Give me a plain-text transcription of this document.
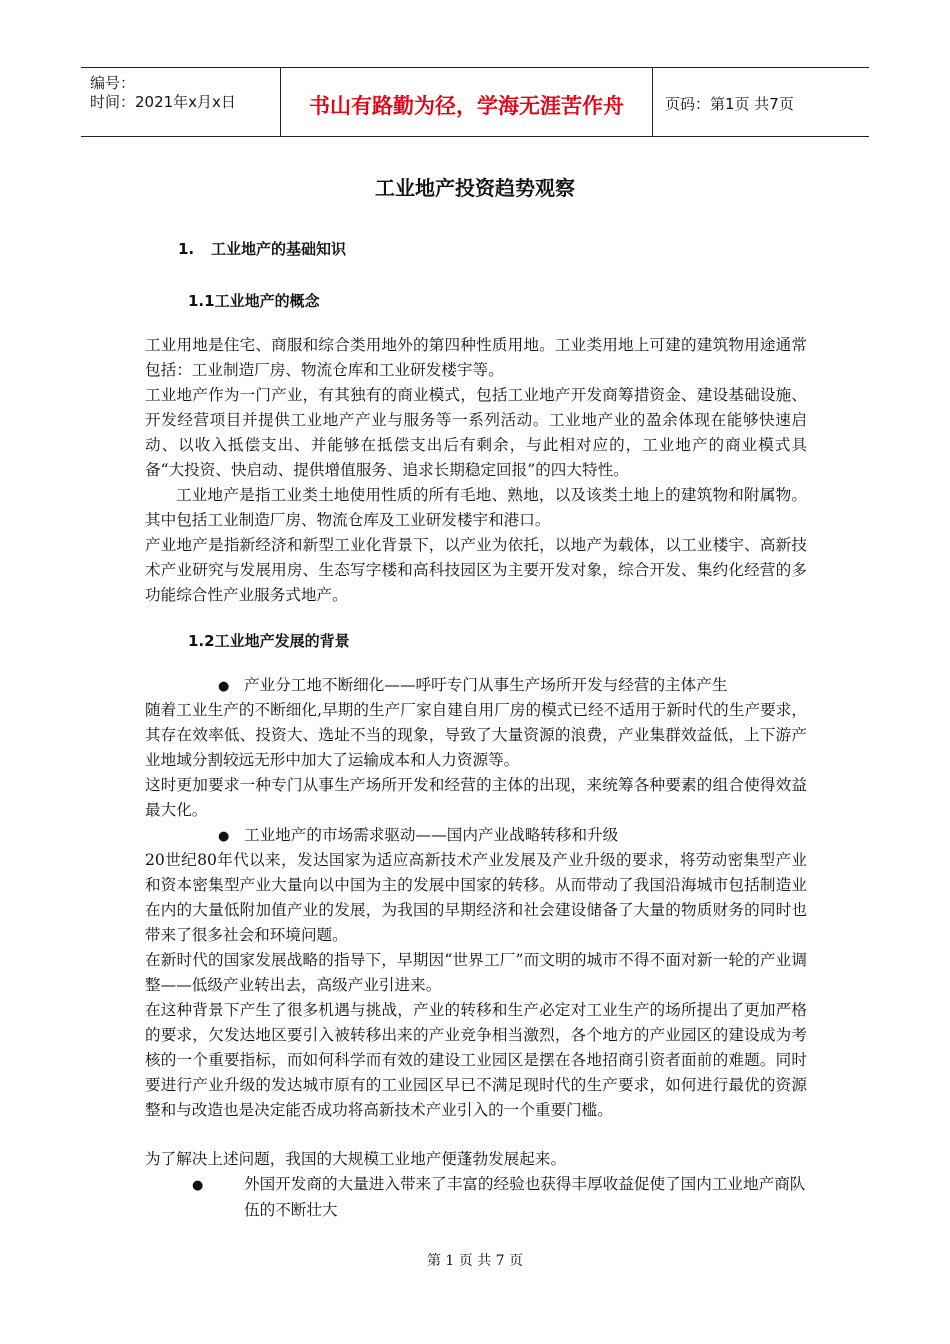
编号：
时间：2021年x月x日	书山有路勤为径，学海无涯苦作舟	页码：第1页 共7页
工业地产投资趋势观察
1. 工业地产的基础知识
1.1工业地产的概念

工业用地是住宅、商服和综合类用地外的第四种性质用地。工业类用地上可建的建筑物用途通常包括：工业制造厂房、物流仓库和工业研发楼宇等。

工业地产作为一门产业，有其独有的商业模式，包括工业地产开发商筹措资金、建设基础设施、开发经营项目并提供工业地产产业与服务等一系列活动。工业地产业的盈余体现在能够快速启动、以收入抵偿支出、并能够在抵偿支出后有剩余，与此相对应的，工业地产的商业模式具备“大投资、快启动、提供增值服务、追求长期稳定回报”的四大特性。

工业地产是指工业类土地使用性质的所有毛地、熟地，以及该类土地上的建筑物和附属物。其中包括工业制造厂房、物流仓库及工业研发楼宇和港口。

产业地产是指新经济和新型工业化背景下，以产业为依托，以地产为载体，以工业楼宇、高新技术产业研究与发展用房、生态写字楼和高科技园区为主要开发对象，综合开发、集约化经营的多功能综合性产业服务式地产。

1.2工业地产发展的背景
● 产业分工地不断细化——呼吁专门从事生产场所开发与经营的主体产生

随着工业生产的不断细化,早期的生产厂家自建自用厂房的模式已经不适用于新时代的生产要求，其存在效率低、投资大、选址不当的现象，导致了大量资源的浪费，产业集群效益低，上下游产业地域分割较远无形中加大了运输成本和人力资源等。

这时更加要求一种专门从事生产场所开发和经营的主体的出现，来统筹各种要素的组合使得效益最大化。

● 工业地产的市场需求驱动——国内产业战略转移和升级

20世纪80年代以来，发达国家为适应高新技术产业发展及产业升级的要求，将劳动密集型产业和资本密集型产业大量向以中国为主的发展中国家的转移。从而带动了我国沿海城市包括制造业在内的大量低附加值产业的发展，为我国的早期经济和社会建设储备了大量的物质财务的同时也带来了很多社会和环境问题。

在新时代的国家发展战略的指导下，早期因“世界工厂”而文明的城市不得不面对新一轮的产业调整——低级产业转出去，高级产业引进来。

在这种背景下产生了很多机遇与挑战，产业的转移和生产必定对工业生产的场所提出了更加严格的要求，欠发达地区要引入被转移出来的产业竞争相当激烈，各个地方的产业园区的建设成为考核的一个重要指标，而如何科学而有效的建设工业园区是摆在各地招商引资者面前的难题。同时要进行产业升级的发达城市原有的工业园区早已不满足现时代的生产要求，如何进行最优的资源整和与改造也是决定能否成功将高新技术产业引入的一个重要门槛。

为了解决上述问题，我国的大规模工业地产便蓬勃发展起来。

●	外国开发商的大量进入带来了丰富的经验也获得丰厚收益促使了国内工业地产商队伍的不断壮大
第 1 页 共 7 页
